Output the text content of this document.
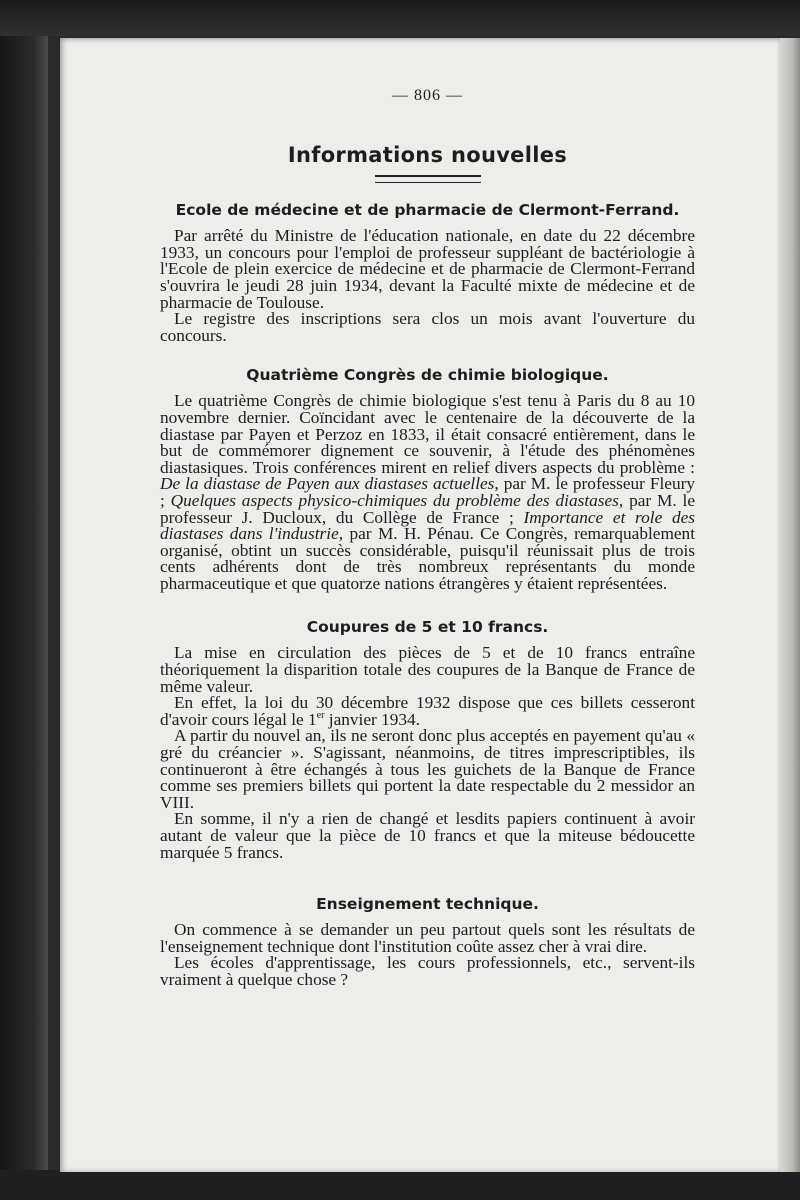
— 806 —
Informations nouvelles
Ecole de médecine et de pharmacie de Clermont-Ferrand.

Par arrêté du Ministre de l'éducation nationale, en date du 22 décembre 1933, un concours pour l'emploi de professeur suppléant de bactériologie à l'Ecole de plein exercice de médecine et de pharmacie de Clermont-Ferrand s'ouvrira le jeudi 28 juin 1934, devant la Faculté mixte de médecine et de pharmacie de Toulouse.

Le registre des inscriptions sera clos un mois avant l'ouverture du concours.

Quatrième Congrès de chimie biologique.

Le quatrième Congrès de chimie biologique s'est tenu à Paris du 8 au 10 novembre dernier. Coïncidant avec le centenaire de la découverte de la diastase par Payen et Perzoz en 1833, il était consacré entièrement, dans le but de commémorer dignement ce souvenir, à l'étude des phénomènes diastasiques. Trois conférences mirent en relief divers aspects du problème : De la diastase de Payen aux diastases actuelles, par M. le professeur Fleury ; Quelques aspects physico-chimiques du problème des diastases, par M. le professeur J. Ducloux, du Collège de France ; Importance et role des diastases dans l'industrie, par M. H. Pénau. Ce Congrès, remarquablement organisé, obtint un succès considérable, puisqu'il réunissait plus de trois cents adhérents dont de très nombreux représentants du monde pharmaceutique et que quatorze nations étrangères y étaient représentées.

Coupures de 5 et 10 francs.

La mise en circulation des pièces de 5 et de 10 francs entraîne théoriquement la disparition totale des coupures de la Banque de France de même valeur.

En effet, la loi du 30 décembre 1932 dispose que ces billets cesseront d'avoir cours légal le 1er janvier 1934.

A partir du nouvel an, ils ne seront donc plus acceptés en payement qu'au « gré du créancier ». S'agissant, néanmoins, de titres imprescriptibles, ils continueront à être échangés à tous les guichets de la Banque de France comme ses premiers billets qui portent la date respectable du 2 messidor an VIII.

En somme, il n'y a rien de changé et lesdits papiers continuent à avoir autant de valeur que la pièce de 10 francs et que la miteuse bédoucette marquée 5 francs.

Enseignement technique.

On commence à se demander un peu partout quels sont les résultats de l'enseignement technique dont l'institution coûte assez cher à vrai dire.

Les écoles d'apprentissage, les cours professionnels, etc., servent-ils vraiment à quelque chose ?
